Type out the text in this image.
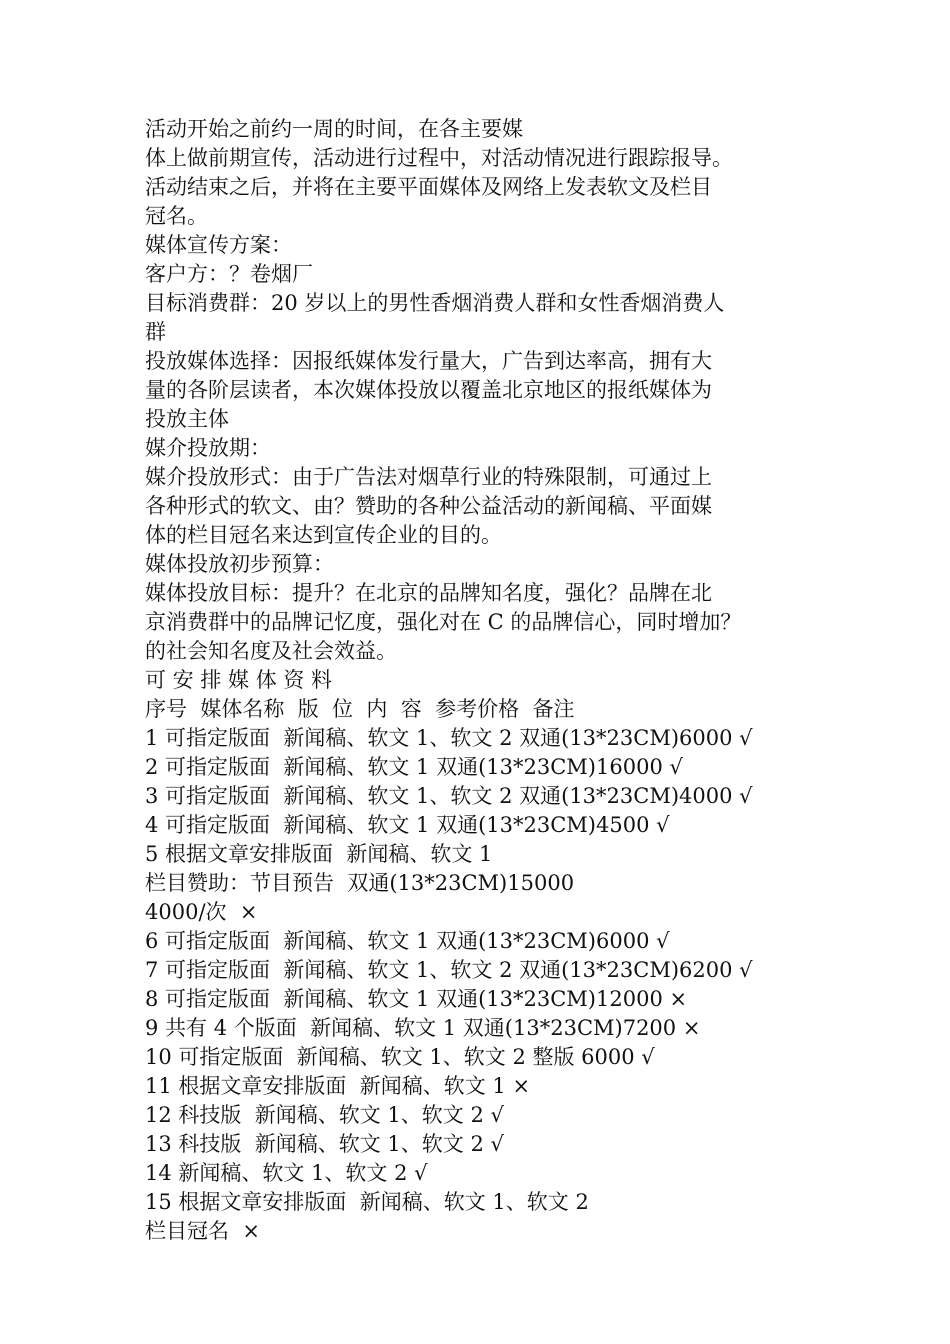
活动开始之前约一周的时间，在各主要媒

体上做前期宣传，活动进行过程中，对活动情况进行跟踪报导。

活动结束之后，并将在主要平面媒体及网络上发表软文及栏目

冠名。

媒体宣传方案：

客户方：？卷烟厂

目标消费群：20 岁以上的男性香烟消费人群和女性香烟消费人

群

投放媒体选择：因报纸媒体发行量大，广告到达率高，拥有大

量的各阶层读者，本次媒体投放以覆盖北京地区的报纸媒体为

投放主体

媒介投放期：

媒介投放形式：由于广告法对烟草行业的特殊限制，可通过上

各种形式的软文、由？赞助的各种公益活动的新闻稿、平面媒

体的栏目冠名来达到宣传企业的目的。

媒体投放初步预算：

媒体投放目标：提升？在北京的品牌知名度，强化？品牌在北

京消费群中的品牌记忆度，强化对在 C 的品牌信心，同时增加？

的社会知名度及社会效益。

可 安 排 媒 体 资 料

序号  媒体名称  版  位  内  容  参考价格  备注

1 可指定版面  新闻稿、软文 1、软文 2 双通(13*23CM)6000 √

2 可指定版面  新闻稿、软文 1 双通(13*23CM)16000 √

3 可指定版面  新闻稿、软文 1、软文 2 双通(13*23CM)4000 √

4 可指定版面  新闻稿、软文 1 双通(13*23CM)4500 √

5 根据文章安排版面  新闻稿、软文 1

栏目赞助：节目预告  双通(13*23CM)15000

4000/次  ×

6 可指定版面  新闻稿、软文 1 双通(13*23CM)6000 √

7 可指定版面  新闻稿、软文 1、软文 2 双通(13*23CM)6200 √

8 可指定版面  新闻稿、软文 1 双通(13*23CM)12000 ×

9 共有 4 个版面  新闻稿、软文 1 双通(13*23CM)7200 ×

10 可指定版面  新闻稿、软文 1、软文 2 整版 6000 √

11 根据文章安排版面  新闻稿、软文 1 ×

12 科技版  新闻稿、软文 1、软文 2 √

13 科技版  新闻稿、软文 1、软文 2 √

14 新闻稿、软文 1、软文 2 √

15 根据文章安排版面  新闻稿、软文 1、软文 2

栏目冠名  ×
